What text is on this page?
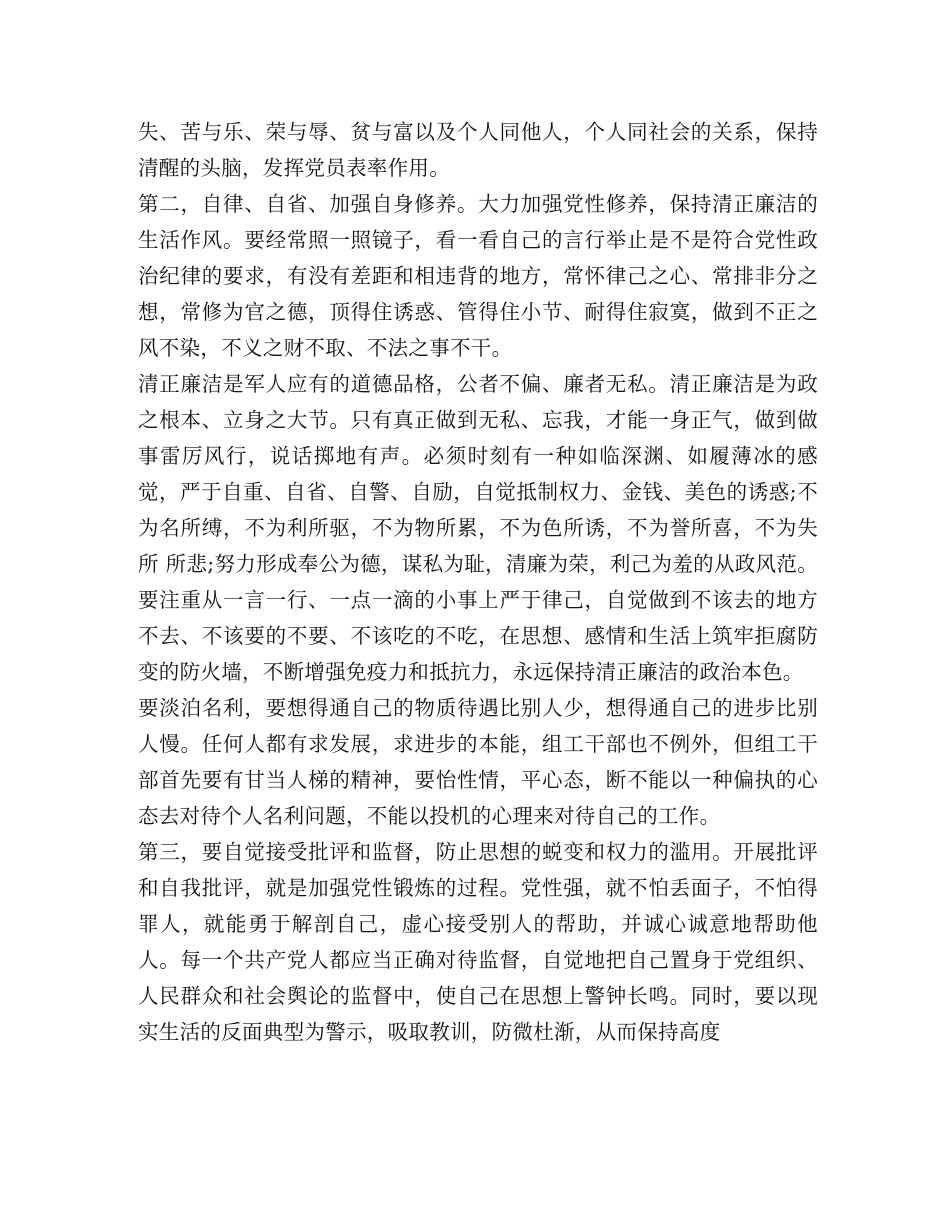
失、苦与乐、荣与辱、贫与富以及个人同他人，个人同社会的关系，保持清醒的头脑，发挥党员表率作用。

第二，自律、自省、加强自身修养。大力加强党性修养，保持清正廉洁的生活作风。要经常照一照镜子，看一看自己的言行举止是不是符合党性政治纪律的要求，有没有差距和相违背的地方，常怀律己之心、常排非分之想，常修为官之德，顶得住诱惑、管得住小节、耐得住寂寞，做到不正之风不染，不义之财不取、不法之事不干。

清正廉洁是军人应有的道德品格，公者不偏、廉者无私。清正廉洁是为政之根本、立身之大节。只有真正做到无私、忘我，才能一身正气，做到做事雷厉风行，说话掷地有声。必须时刻有一种如临深渊、如履薄冰的感觉，严于自重、自省、自警、自励，自觉抵制权力、金钱、美色的诱惑;不为名所缚，不为利所驱，不为物所累，不为色所诱，不为誉所喜，不为失所 所悲;努力形成奉公为德，谋私为耻，清廉为荣，利己为羞的从政风范。要注重从一言一行、一点一滴的小事上严于律己，自觉做到不该去的地方不去、不该要的不要、不该吃的不吃，在思想、感情和生活上筑牢拒腐防变的防火墙，不断增强免疫力和抵抗力，永远保持清正廉洁的政治本色。

要淡泊名利，要想得通自己的物质待遇比别人少，想得通自己的进步比别人慢。任何人都有求发展，求进步的本能，组工干部也不例外，但组工干部首先要有甘当人梯的精神，要怡性情，平心态，断不能以一种偏执的心态去对待个人名利问题，不能以投机的心理来对待自己的工作。

第三，要自觉接受批评和监督，防止思想的蜕变和权力的滥用。开展批评和自我批评，就是加强党性锻炼的过程。党性强，就不怕丢面子，不怕得罪人，就能勇于解剖自己，虚心接受别人的帮助，并诚心诚意地帮助他人。每一个共产党人都应当正确对待监督，自觉地把自己置身于党组织、人民群众和社会舆论的监督中，使自己在思想上警钟长鸣。同时，要以现实生活的反面典型为警示，吸取教训，防微杜渐，从而保持高度
